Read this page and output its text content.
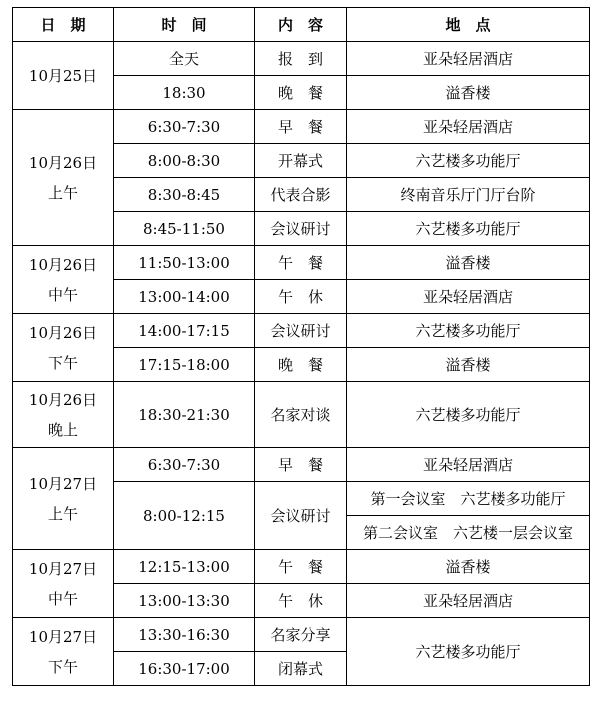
日　期	时　间	内　容	地　点

10月25日	全天	报　到	亚朵轻居酒店
	18:30	晚　餐	溢香楼

10月26日
上午	6:30-7:30	早　餐	亚朵轻居酒店
	8:00-8:30	开幕式	六艺楼多功能厅
	8:30-8:45	代表合影	终南音乐厅门厅台阶
	8:45-11:50	会议研讨	六艺楼多功能厅

10月26日
中午	11:50-13:00	午　餐	溢香楼
	13:00-14:00	午　休	亚朵轻居酒店

10月26日
下午	14:00-17:15	会议研讨	六艺楼多功能厅
	17:15-18:00	晚　餐	溢香楼

10月26日
晚上	18:30-21:30	名家对谈	六艺楼多功能厅

10月27日
上午	6:30-7:30	早　餐	亚朵轻居酒店
	8:00-12:15	会议研讨	第一会议室　六艺楼多功能厅
			第二会议室　六艺楼一层会议室

10月27日
中午	12:15-13:00	午　餐	溢香楼
	13:00-13:30	午　休	亚朵轻居酒店

10月27日
下午	13:30-16:30	名家分享	六艺楼多功能厅
	16:30-17:00	闭幕式	
